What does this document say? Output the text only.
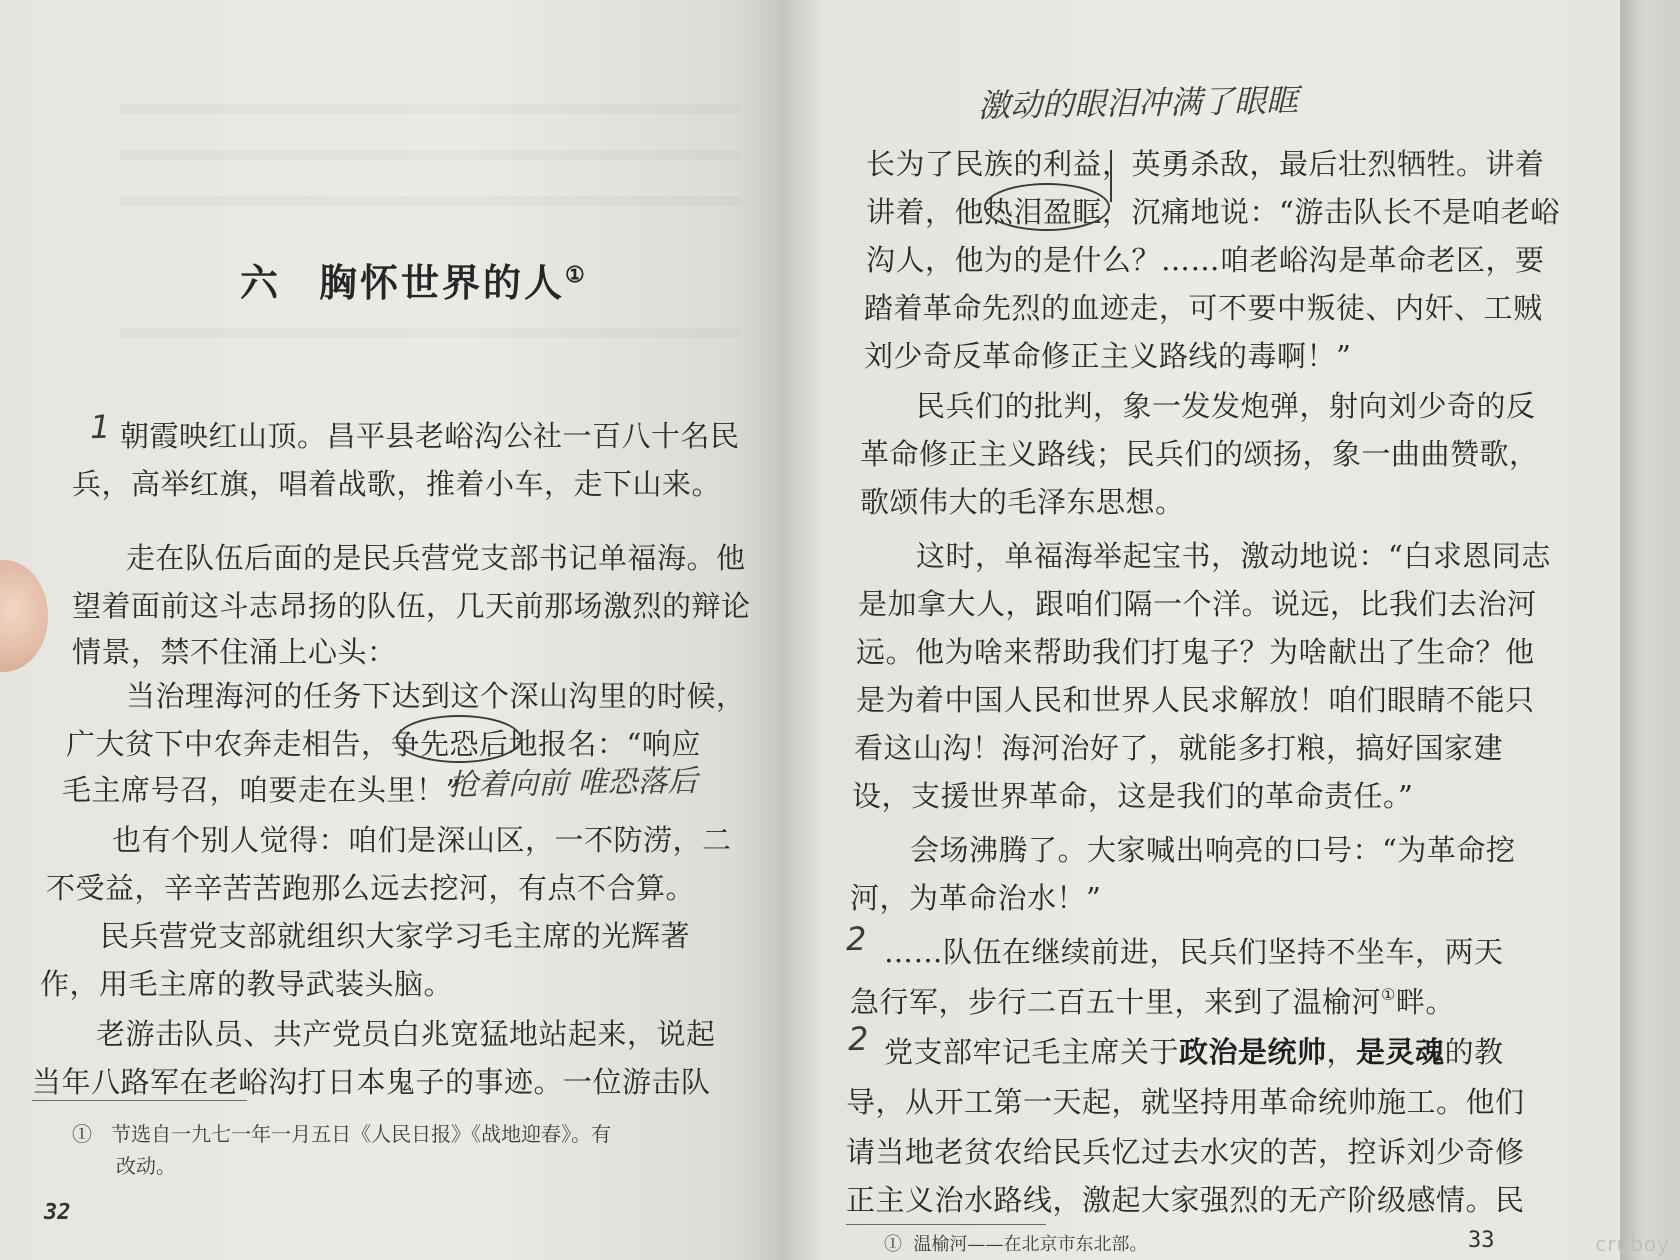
六 胸怀世界的人①
1 朝霞映红山顶。昌平县老峪沟公社一百八十名民
兵，高举红旗，唱着战歌，推着小车，走下山来。
走在队伍后面的是民兵营党支部书记单福海。他
望着面前这斗志昂扬的队伍，几天前那场激烈的辩论
情景，禁不住涌上心头：
当治理海河的任务下达到这个深山沟里的时候，
广大贫下中农奔走相告，争先恐后地报名：“响应
毛主席号召，咱要走在头里！”
抢着向前 唯恐落后
也有个别人觉得：咱们是深山区，一不防涝，二
不受益，辛辛苦苦跑那么远去挖河，有点不合算。
民兵营党支部就组织大家学习毛主席的光辉著
作，用毛主席的教导武装头脑。
老游击队员、共产党员白兆宽猛地站起来，说起
当年八路军在老峪沟打日本鬼子的事迹。一位游击队
① 节选自一九七一年一月五日《人民日报》《战地迎春》。有
改动。
32
激动的眼泪冲满了眼眶
长为了民族的利益，英勇杀敌，最后壮烈牺牲。讲着
讲着，他热泪盈眶，沉痛地说：“游击队长不是咱老峪
沟人，他为的是什么？……咱老峪沟是革命老区，要
踏着革命先烈的血迹走，可不要中叛徒、内奸、工贼
刘少奇反革命修正主义路线的毒啊！”
民兵们的批判，象一发发炮弹，射向刘少奇的反
革命修正主义路线；民兵们的颂扬，象一曲曲赞歌，
歌颂伟大的毛泽东思想。
这时，单福海举起宝书，激动地说：“白求恩同志
是加拿大人，跟咱们隔一个洋。说远，比我们去治河
远。他为啥来帮助我们打鬼子？为啥献出了生命？他
是为着中国人民和世界人民求解放！咱们眼睛不能只
看这山沟！海河治好了，就能多打粮，搞好国家建
设，支援世界革命，这是我们的革命责任。”
会场沸腾了。大家喊出响亮的口号：“为革命挖
河，为革命治水！”
2 ……队伍在继续前进，民兵们坚持不坐车，两天
急行军，步行二百五十里，来到了温榆河①畔。
2 党支部牢记毛主席关于政治是统帅，是灵魂的教
导，从开工第一天起，就坚持用革命统帅施工。他们
请当地老贫农给民兵忆过去水灾的苦，控诉刘少奇修
正主义治水路线，激起大家强烈的无产阶级感情。民
① 温榆河——在北京市东北部。	33	cruboy
